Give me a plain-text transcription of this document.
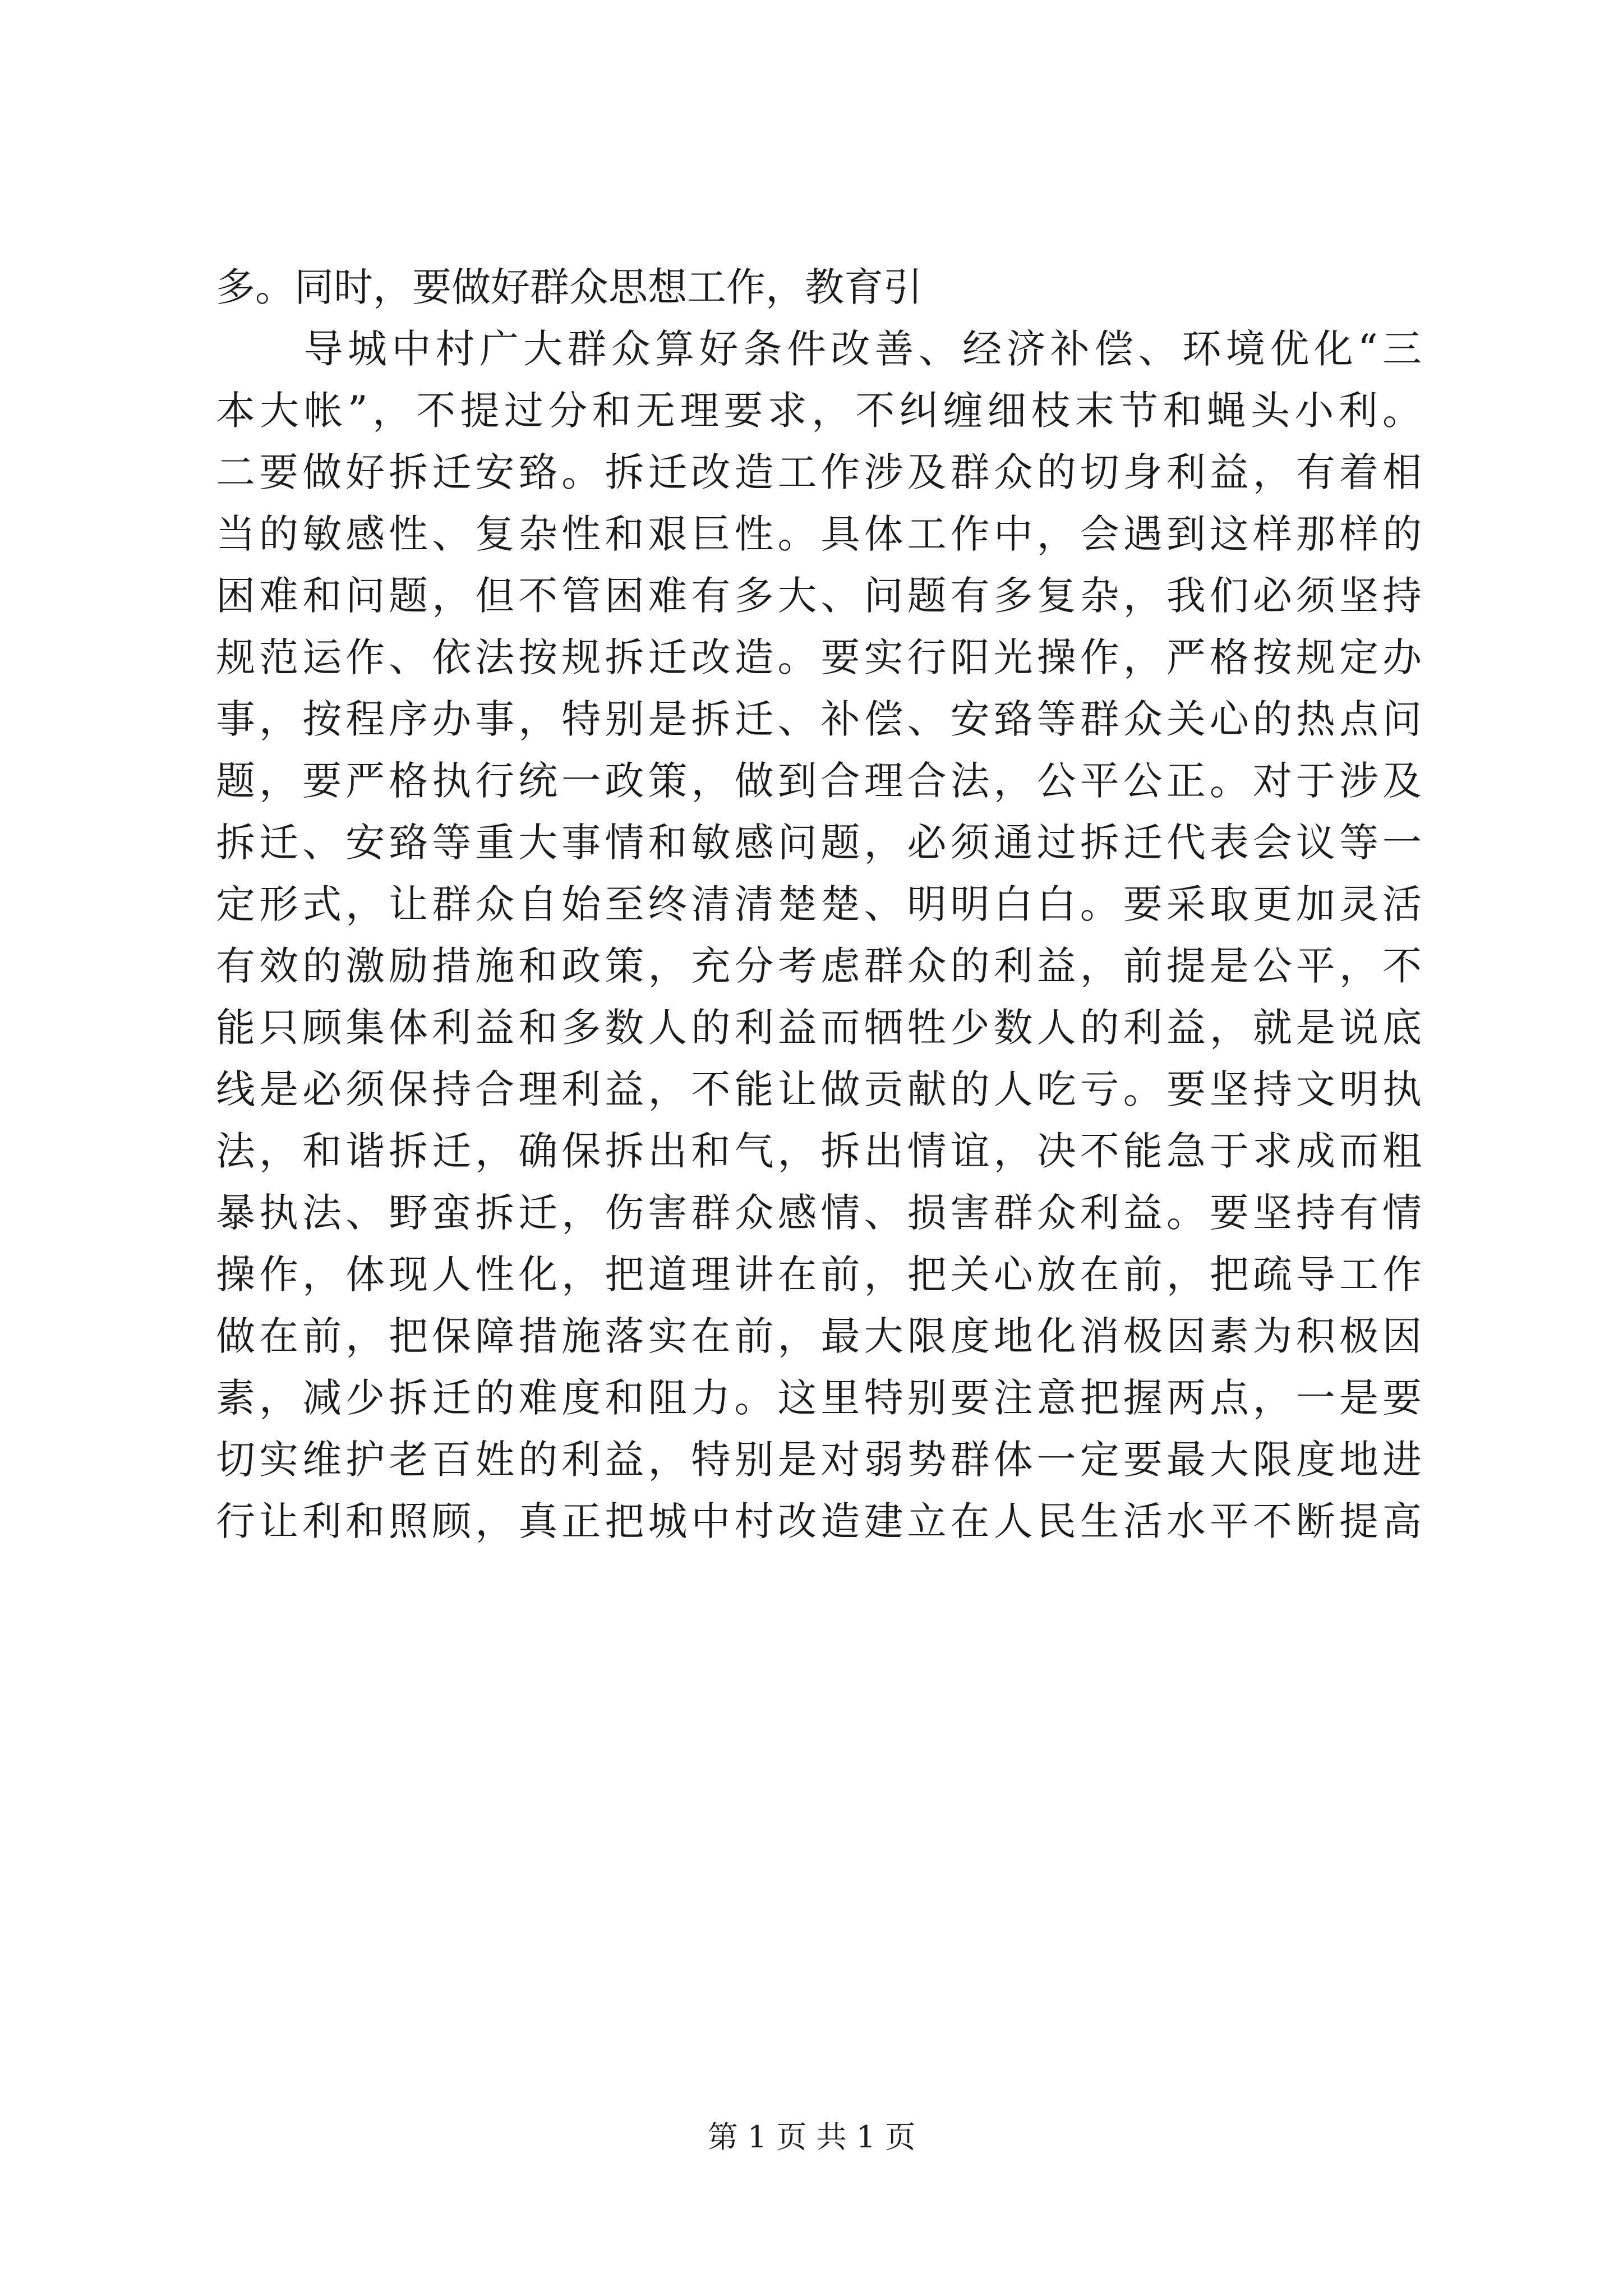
多。同时，要做好群众思想工作，教育引
　　导城中村广大群众算好条件改善、经济补偿、环境优化“三
本大帐”，不提过分和无理要求，不纠缠细枝末节和蝇头小利。
二要做好拆迁安臵。拆迁改造工作涉及群众的切身利益，有着相
当的敏感性、复杂性和艰巨性。具体工作中，会遇到这样那样的
困难和问题，但不管困难有多大、问题有多复杂，我们必须坚持
规范运作、依法按规拆迁改造。要实行阳光操作，严格按规定办
事，按程序办事，特别是拆迁、补偿、安臵等群众关心的热点问
题，要严格执行统一政策，做到合理合法，公平公正。对于涉及
拆迁、安臵等重大事情和敏感问题，必须通过拆迁代表会议等一
定形式，让群众自始至终清清楚楚、明明白白。要采取更加灵活
有效的激励措施和政策，充分考虑群众的利益，前提是公平，不
能只顾集体利益和多数人的利益而牺牲少数人的利益，就是说底
线是必须保持合理利益，不能让做贡献的人吃亏。要坚持文明执
法，和谐拆迁，确保拆出和气，拆出情谊，决不能急于求成而粗
暴执法、野蛮拆迁，伤害群众感情、损害群众利益。要坚持有情
操作，体现人性化，把道理讲在前，把关心放在前，把疏导工作
做在前，把保障措施落实在前，最大限度地化消极因素为积极因
素，减少拆迁的难度和阻力。这里特别要注意把握两点，一是要
切实维护老百姓的利益，特别是对弱势群体一定要最大限度地进
行让利和照顾，真正把城中村改造建立在人民生活水平不断提高
第 1 页 共 1 页
